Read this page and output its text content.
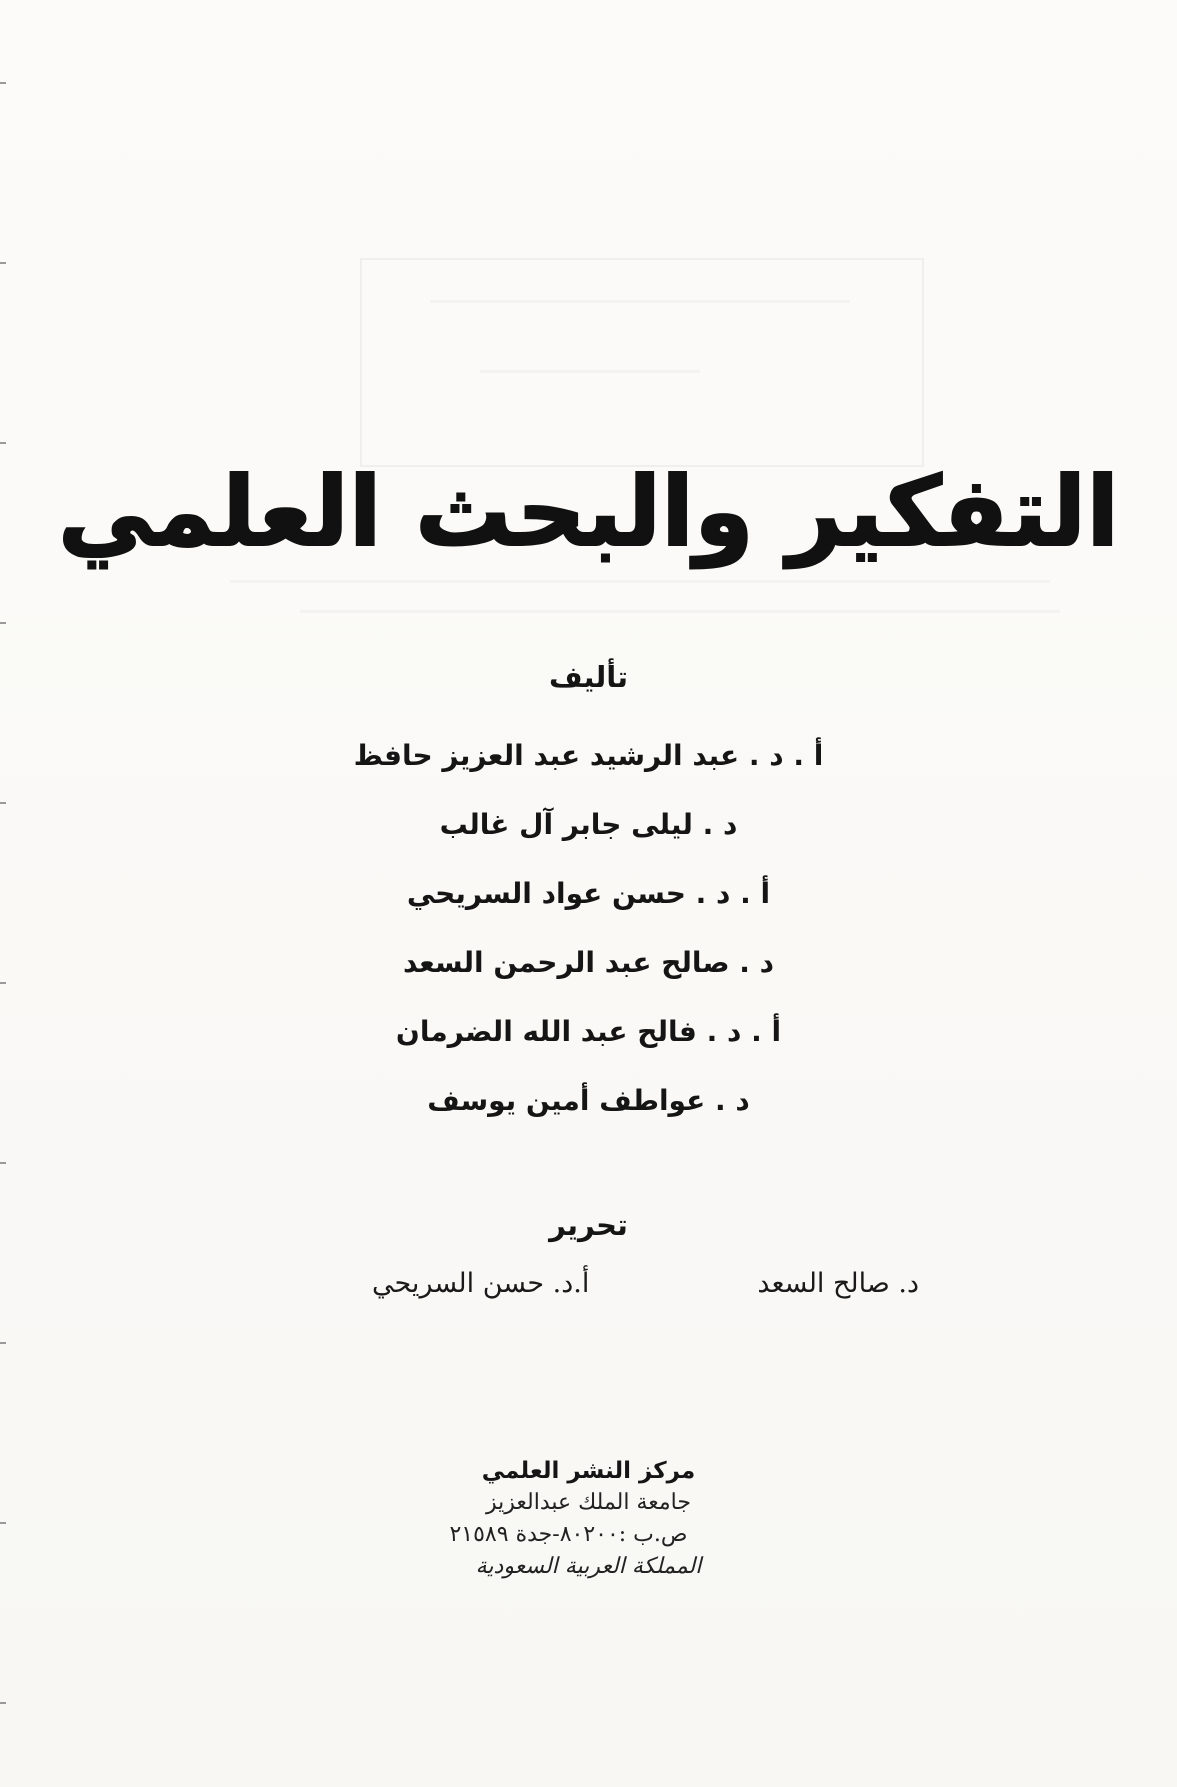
التفكير والبحث العلمي
تأليف
أ . د . عبد الرشيد عبد العزيز حافظ
د . ليلى جابر آل غالب
أ . د . حسن عواد السريحي
د . صالح عبد الرحمن السعد
أ . د . فالح عبد الله الضرمان
د . عواطف أمين يوسف
تحرير
د. صالح السعد
أ.د. حسن السريحي
مركز النشر العلمي
جامعة الملك عبدالعزيز
ص.ب :٨٠٢٠٠-جدة ٢١٥٨٩
المملكة العربية السعودية
